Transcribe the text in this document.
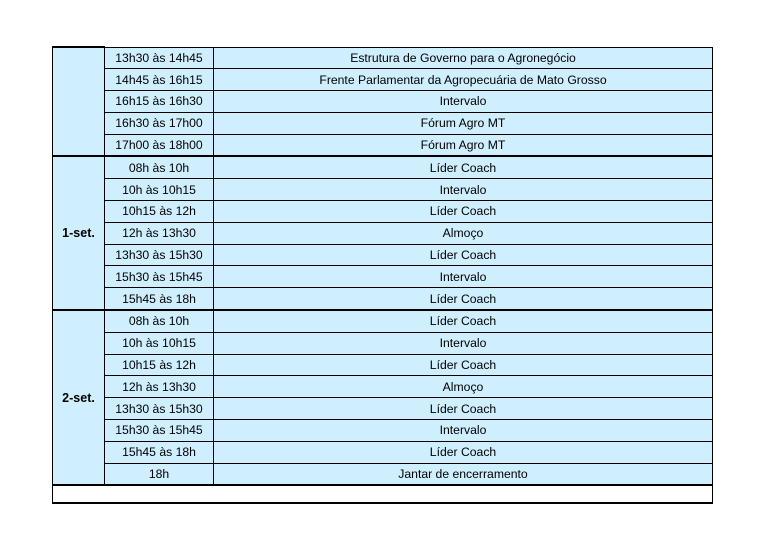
	13h30 às 14h45	Estrutura de Governo para o Agronegócio
	14h45 às 16h15	Frente Parlamentar da Agropecuária de Mato Grosso
	16h15 às 16h30	Intervalo
	16h30 às 17h00	Fórum Agro MT
	17h00 às 18h00	Fórum Agro MT
1-set.	08h às 10h	Líder Coach
	10h às 10h15	Intervalo
	10h15 às 12h	Líder Coach
	12h às 13h30	Almoço
	13h30 às 15h30	Líder Coach
	15h30 às 15h45	Intervalo
	15h45 às 18h	Líder Coach
2-set.	08h às 10h	Líder Coach
	10h às 10h15	Intervalo
	10h15 às 12h	Líder Coach
	12h às 13h30	Almoço
	13h30 às 15h30	Líder Coach
	15h30 às 15h45	Intervalo
	15h45 às 18h	Líder Coach
	18h	Jantar de encerramento
